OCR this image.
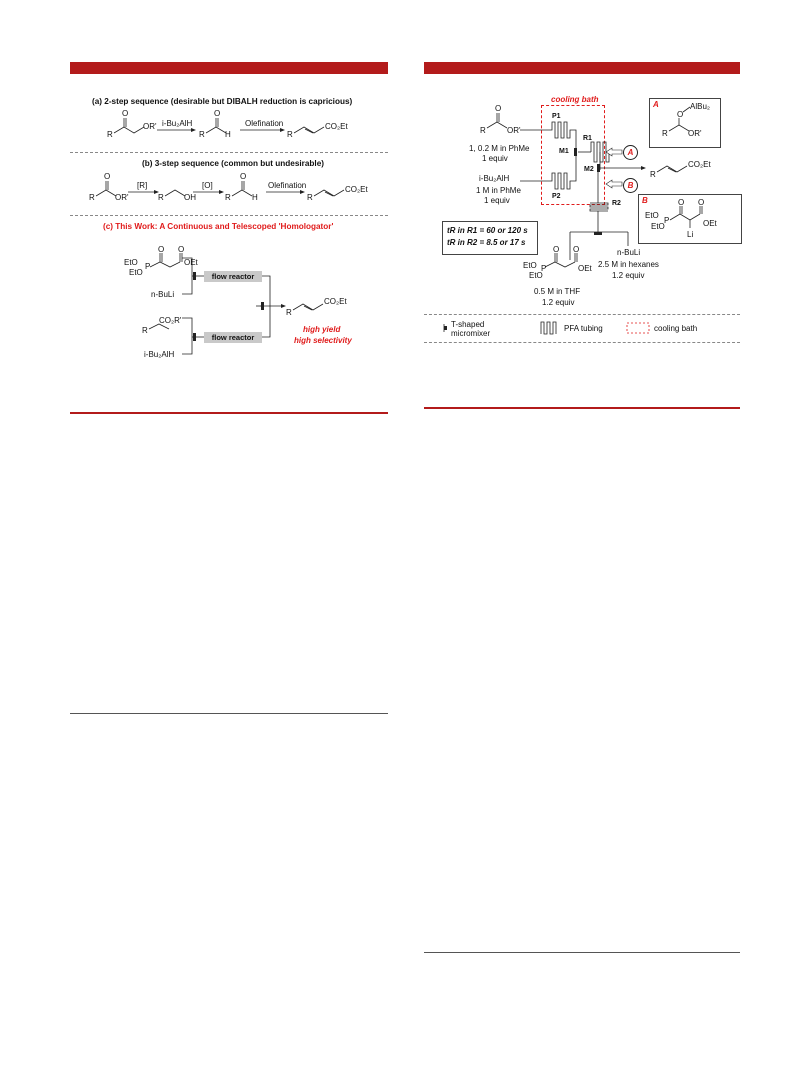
(a) 2-step sequence (desirable but DIBALH reduction is capricious)
R
O
OR' i-Bu₂AlH
R
O
H
Olefination
R
CO₂Et
(b) 3-step sequence (common but undesirable)
R
O
OR'
[R]
R	OH
[O]
R
O
H
Olefination
R
CO₂Et
(c) This Work: A Continuous and Telescoped 'Homologator'
EtO
EtO
P
O O
OEt
n-BuLi
flow reactor
R
CO₂R'
i-Bu₂AlH
flow reactor
R
CO₂Et
high yield
high selectivity
cooling bath
P1
P2
M1
M2
R1
R2
R
O
OR'
1, 0.2 M in PhMe
1 equiv
i-Bu₂AlH
1 M in PhMe
1 equiv
A
B
R
CO₂Et
A	AlBu₂
O
R	OR'
B	O O
EtO
P
EtO	OEt
Li
tR in R1 = 60 or 120 s
tR in R2 = 8.5 or 17 s
EtO P
EtO
O O
OEt
0.5 M in THF
1.2 equiv
n-BuLi
2.5 M in hexanes
1.2 equiv
T-shaped
micromixer
PFA tubing	cooling bath
